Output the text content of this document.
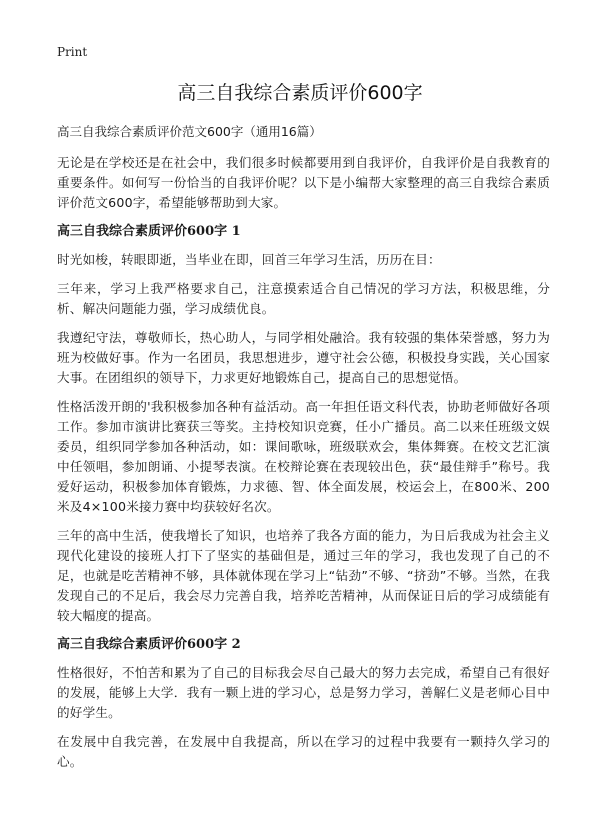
Print
高三自我综合素质评价600字
高三自我综合素质评价范文600字（通用16篇）

无论是在学校还是在社会中，我们很多时候都要用到自我评价，自我评价是自我教育的重要条件。如何写一份恰当的自我评价呢？以下是小编帮大家整理的高三自我综合素质评价范文600字，希望能够帮助到大家。

高三自我综合素质评价600字 1

时光如梭，转眼即逝，当毕业在即，回首三年学习生活，历历在目：

三年来，学习上我严格要求自己，注意摸索适合自己情况的学习方法，积极思维，分析、解决问题能力强，学习成绩优良。

我遵纪守法，尊敬师长，热心助人，与同学相处融洽。我有较强的集体荣誉感，努力为班为校做好事。作为一名团员，我思想进步，遵守社会公德，积极投身实践，关心国家大事。在团组织的领导下，力求更好地锻炼自己，提高自己的思想觉悟。

性格活泼开朗的'我积极参加各种有益活动。高一年担任语文科代表，协助老师做好各项工作。参加市演讲比赛获三等奖。主持校知识竞赛，任小广播员。高二以来任班级文娱委员，组织同学参加各种活动，如：课间歌咏，班级联欢会，集体舞赛。在校文艺汇演中任领唱，参加朗诵、小提琴表演。在校辩论赛在表现较出色，获“最佳辩手”称号。我爱好运动，积极参加体育锻炼，力求德、智、体全面发展，校运会上，在800米、200米及4×100米接力赛中均获较好名次。

三年的高中生活，使我增长了知识，也培养了我各方面的能力，为日后我成为社会主义现代化建设的接班人打下了坚实的基础但是，通过三年的学习，我也发现了自己的不足，也就是吃苦精神不够，具体就体现在学习上“钻劲”不够、“挤劲”不够。当然，在我发现自己的不足后，我会尽力完善自我，培养吃苦精神，从而保证日后的学习成绩能有较大幅度的提高。

高三自我综合素质评价600字 2

性格很好，不怕苦和累为了自己的目标我会尽自己最大的努力去完成，希望自己有很好的发展，能够上大学．我有一颗上进的学习心，总是努力学习，善解仁义是老师心目中的好学生。

在发展中自我完善，在发展中自我提高，所以在学习的过程中我要有一颗持久学习的心。
